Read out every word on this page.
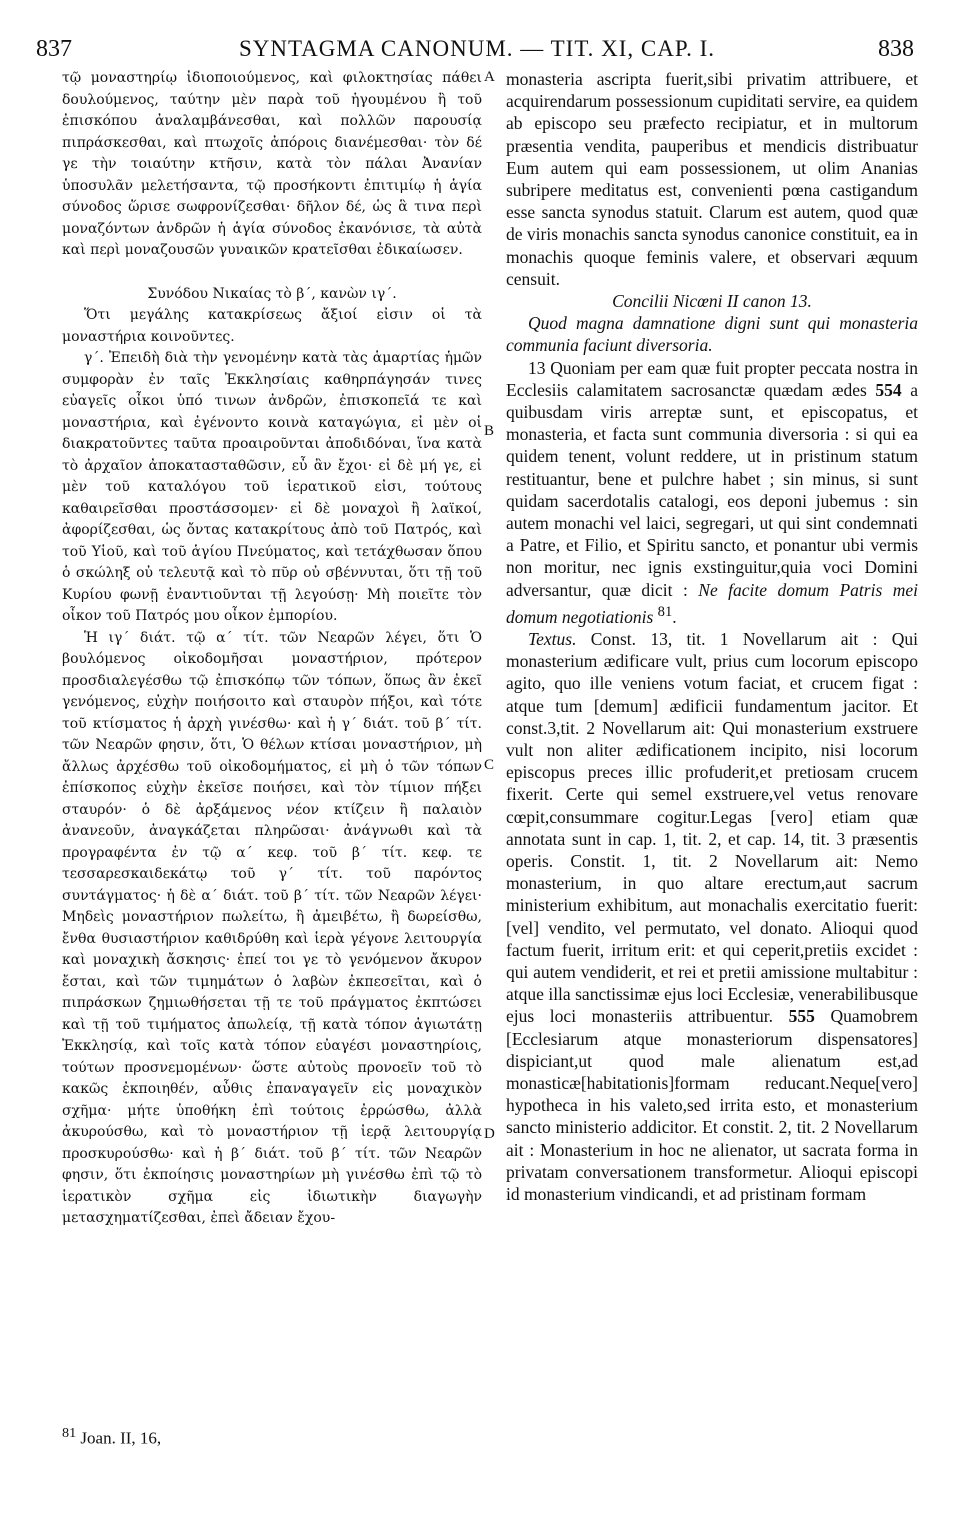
837	SYNTAGMA CANONUM. — TIT. XI, CAP. I.	838

τῷ μοναστηρίῳ ἰδιοποιούμενος, καὶ φιλοκτησίας πάθει δουλούμενος, ταύτην μὲν παρὰ τοῦ ἡγουμένου ἢ τοῦ ἐπισκόπου ἀναλαμβάνεσθαι, καὶ πολλῶν παρουσίᾳ πιπράσκεσθαι, καὶ πτωχοῖς ἀπόροις διανέμεσθαι· τὸν δέ γε τὴν τοιαύτην κτῆσιν, κατὰ τὸν πάλαι Ἀνανίαν ὑποσυλᾶν μελετήσαντα, τῷ προσήκοντι ἐπιτιμίῳ ἡ ἁγία σύνοδος ὥρισε σωφρονίζεσθαι· δῆλον δέ, ὡς ἃ τινα περὶ μοναζόντων ἀνδρῶν ἡ ἁγία σύνοδος ἐκανόνισε, τὰ αὐτὰ καὶ περὶ μοναζουσῶν γυναικῶν κρατεῖσθαι ἐδικαίωσεν.

Συνόδου Νικαίας τὸ β΄, κανὼν ιγ΄.

Ὅτι μεγάλης κατακρίσεως ἄξιοί εἰσιν οἱ τὰ μοναστήρια κοινοῦντες.

γ΄. Ἐπειδὴ διὰ τὴν γενομένην κατὰ τὰς ἁμαρτίας ἡμῶν συμφορὰν ἐν ταῖς Ἐκκλησίαις καθηρπάγησάν τινες εὐαγεῖς οἶκοι ὑπό τινων ἀνδρῶν, ἐπισκοπεῖά τε καὶ μοναστήρια, καὶ ἐγένοντο κοινὰ καταγώγια, εἰ μὲν οἱ διακρατοῦντες ταῦτα προαιροῦνται ἀποδιδόναι, ἵνα κατὰ τὸ ἀρχαῖον ἀποκατασταθῶσιν, εὖ ἂν ἔχοι· εἰ δὲ μή γε, εἰ μὲν τοῦ καταλόγου τοῦ ἱερατικοῦ εἰσι, τούτους καθαιρεῖσθαι προστάσσομεν· εἰ δὲ μοναχοὶ ἢ λαϊκοί, ἀφορίζεσθαι, ὡς ὄντας κατακρίτους ἀπὸ τοῦ Πατρός, καὶ τοῦ Υἱοῦ, καὶ τοῦ ἁγίου Πνεύματος, καὶ τετάχθωσαν ὅπου ὁ σκώληξ οὐ τελευτᾷ καὶ τὸ πῦρ οὐ σβέννυται, ὅτι τῇ τοῦ Κυρίου φωνῇ ἐναντιοῦνται τῇ λεγούσῃ· Μὴ ποιεῖτε τὸν οἶκον τοῦ Πατρός μου οἶκον ἐμπορίου.

Ἡ ιγ΄ διάτ. τῷ α΄ τίτ. τῶν Νεαρῶν λέγει, ὅτι Ὁ βουλόμενος οἰκοδομῆσαι μοναστήριον, πρότερον προσδιαλεγέσθω τῷ ἐπισκόπῳ τῶν τόπων, ὅπως ἂν ἐκεῖ γενόμενος, εὐχὴν ποιήσοιτο καὶ σταυρὸν πήξοι, καὶ τότε τοῦ κτίσματος ἡ ἀρχὴ γινέσθω· καὶ ἡ γ΄ διάτ. τοῦ β΄ τίτ. τῶν Νεαρῶν φησιν, ὅτι, Ὁ θέλων κτίσαι μοναστήριον, μὴ ἄλλως ἀρχέσθω τοῦ οἰκοδομήματος, εἰ μὴ ὁ τῶν τόπων ἐπίσκοπος εὐχὴν ἐκεῖσε ποιήσει, καὶ τὸν τίμιον πήξει σταυρόν· ὁ δὲ ἀρξάμενος νέον κτίζειν ἢ παλαιὸν ἀνανεοῦν, ἀναγκάζεται πληρῶσαι· ἀνάγνωθι καὶ τὰ προγραφέντα ἐν τῷ α΄ κεφ. τοῦ β΄ τίτ. κεφ. τε τεσσαρεσκαιδεκάτῳ τοῦ γ΄ τίτ. τοῦ παρόντος συντάγματος· ἡ δὲ α΄ διάτ. τοῦ β΄ τίτ. τῶν Νεαρῶν λέγει· Μηδεὶς μοναστήριον πωλείτω, ἢ ἀμειβέτω, ἢ δωρείσθω, ἔνθα θυσιαστήριον καθιδρύθη καὶ ἱερὰ γέγονε λειτουργία καὶ μοναχικὴ ἄσκησις· ἐπεί τοι γε τὸ γενόμενον ἄκυρον ἔσται, καὶ τῶν τιμημάτων ὁ λαβὼν ἐκπεσεῖται, καὶ ὁ πιπράσκων ζημιωθήσεται τῇ τε τοῦ πράγματος ἐκπτώσει καὶ τῇ τοῦ τιμήματος ἀπωλείᾳ, τῇ κατὰ τόπον ἁγιωτάτῃ Ἐκκλησίᾳ, καὶ τοῖς κατὰ τόπον εὐαγέσι μοναστηρίοις, τούτων προσνεμομένων· ὥστε αὐτοὺς προνοεῖν τοῦ τὸ κακῶς ἐκποιηθέν, αὖθις ἐπαναγαγεῖν εἰς μοναχικὸν σχῆμα· μήτε ὑποθήκη ἐπὶ τούτοις ἐρρώσθω, ἀλλὰ ἀκυρούσθω, καὶ τὸ μοναστήριον τῇ ἱερᾷ λειτουργίᾳ προσκυρούσθω· καὶ ἡ β΄ διάτ. τοῦ β΄ τίτ. τῶν Νεαρῶν φησιν, ὅτι ἐκποίησις μοναστηρίων μὴ γινέσθω ἐπὶ τῷ τὸ ἱερατικὸν σχῆμα εἰς ἰδιωτικὴν διαγωγὴν μετασχηματίζεσθαι, ἐπεὶ ἄδειαν ἔχου-

A
B
C
D

monasteria ascripta fuerit,sibi privatim attribuere, et acquirendarum possessionum cupiditati servire, ea quidem ab episcopo seu præfecto recipiatur, et in multorum præsentia vendita, pauperibus et mendicis distribuatur Eum autem qui eam possessionem, ut olim Ananias subripere meditatus est, convenienti pœna castigandum esse sancta synodus statuit. Clarum est autem, quod quæ de viris monachis sancta synodus canonice constituit, ea in monachis quoque feminis valere, et observari æquum censuit.

Concilii Nicœni II canon 13.

Quod magna damnatione digni sunt qui monasteria communia faciunt diversoria.

13 Quoniam per eam quæ fuit propter peccata nostra in Ecclesiis calamitatem sacrosanctæ quædam ædes 554 a quibusdam viris arreptæ sunt, et episcopatus, et monasteria, et facta sunt communia diversoria : si qui ea quidem tenent, volunt reddere, ut in pristinum statum restituantur, bene et pulchre habet ; sin minus, si sunt quidam sacerdotalis catalogi, eos deponi jubemus : sin autem monachi vel laici, segregari, ut qui sint condemnati a Patre, et Filio, et Spiritu sancto, et ponantur ubi vermis non moritur, nec ignis exstinguitur,quia voci Domini adversantur, quæ dicit : Ne facite domum Patris mei domum negotiationis $^{81}$.

Textus. Const. 13, tit. 1 Novellarum ait : Qui monasterium ædificare vult, prius cum locorum episcopo agito, quo ille veniens votum faciat, et crucem figat : atque tum [demum] ædificii fundamentum jacitor. Et const.3,tit. 2 Novellarum ait: Qui monasterium exstruere vult non aliter ædificationem incipito, nisi locorum episcopus preces illic profuderit,et pretiosam crucem fixerit. Certe qui semel exstruere,vel vetus renovare cœpit,consummare cogitur.Legas [vero] etiam quæ annotata sunt in cap. 1, tit. 2, et cap. 14, tit. 3 præsentis operis. Constit. 1, tit. 2 Novellarum ait: Nemo monasterium, in quo altare erectum,aut sacrum ministerium exhibitum, aut monachalis exercitatio fuerit: [vel] vendito, vel permutato, vel donato. Alioqui quod factum fuerit, irritum erit: et qui ceperit,pretiis excidet : qui autem vendiderit, et rei et pretii amissione multabitur : atque illa sanctissimæ ejus loci Ecclesiæ, venerabilibusque ejus loci monasteriis attribuentur. 555 Quamobrem [Ecclesiarum atque monasteriorum dispensatores] dispiciant,ut quod male alienatum est,ad monasticæ[habitationis]formam reducant.Neque[vero] hypotheca in his valeto,sed irrita esto, et monasterium sancto ministerio addicitor. Et constit. 2, tit. 2 Novellarum ait : Monasterium in hoc ne alienator, ut sacrata forma in privatam conversationem transformetur. Alioqui episcopi id monasterium vindicandi, et ad pristinam formam

$^{81}$ Joan. II, 16,
